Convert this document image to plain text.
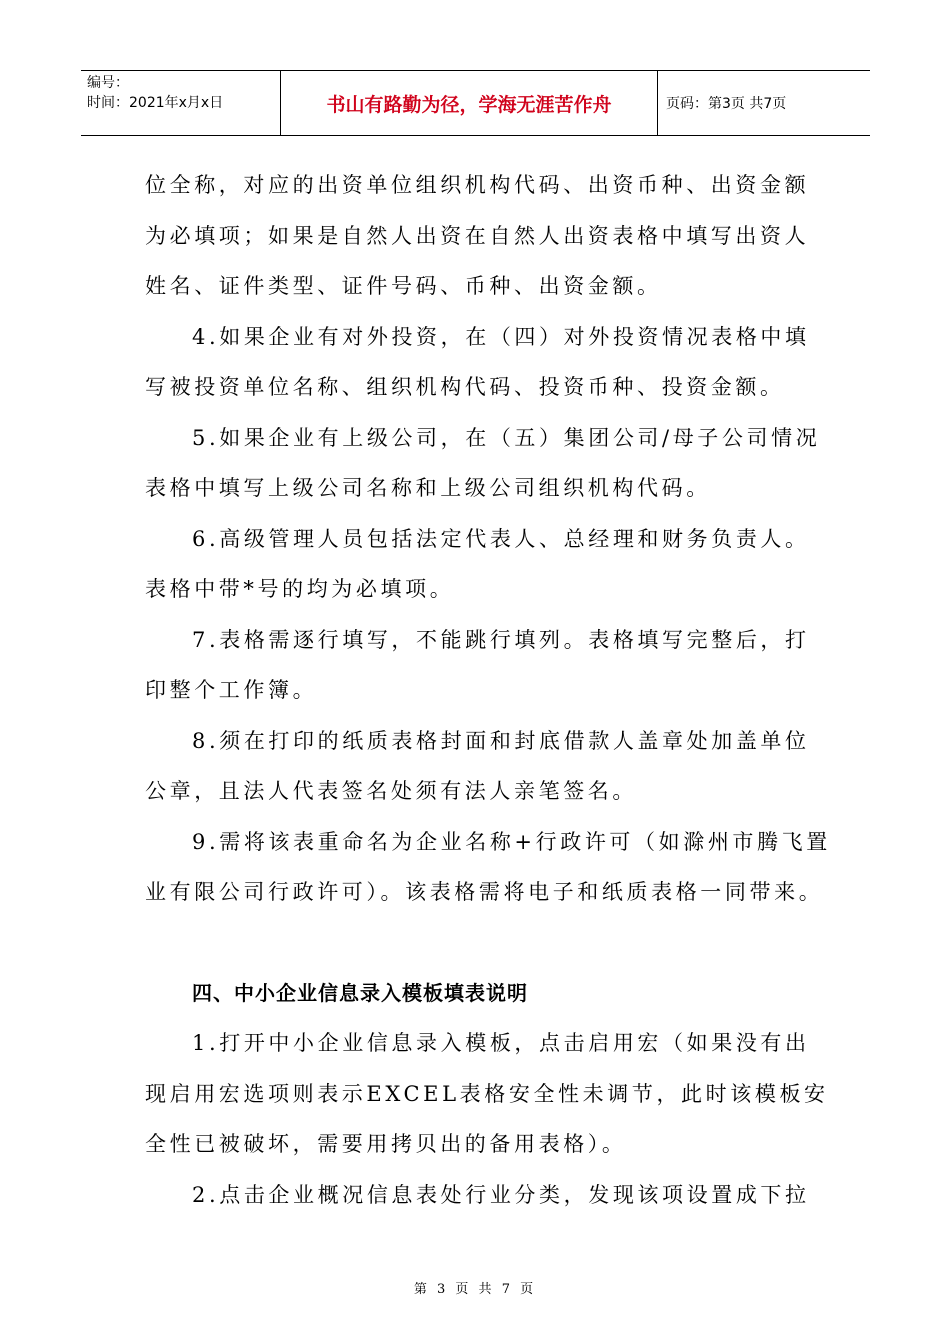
编号：
时间：2021年x月x日	书山有路勤为径，学海无涯苦作舟	页码：第3页 共7页
位全称，对应的出资单位组织机构代码、出资币种、出资金额
为必填项；如果是自然人出资在自然人出资表格中填写出资人
姓名、证件类型、证件号码、币种、出资金额。
4.如果企业有对外投资，在（四）对外投资情况表格中填
写被投资单位名称、组织机构代码、投资币种、投资金额。
5.如果企业有上级公司，在（五）集团公司/母子公司情况
表格中填写上级公司名称和上级公司组织机构代码。
6.高级管理人员包括法定代表人、总经理和财务负责人。
表格中带*号的均为必填项。
7.表格需逐行填写，不能跳行填列。表格填写完整后，打
印整个工作簿。
8.须在打印的纸质表格封面和封底借款人盖章处加盖单位
公章，且法人代表签名处须有法人亲笔签名。
9.需将该表重命名为企业名称+行政许可（如滁州市腾飞置
业有限公司行政许可）。该表格需将电子和纸质表格一同带来。
四、中小企业信息录入模板填表说明
1.打开中小企业信息录入模板，点击启用宏（如果没有出
现启用宏选项则表示EXCEL表格安全性未调节，此时该模板安
全性已被破坏，需要用拷贝出的备用表格）。
2.点击企业概况信息表处行业分类，发现该项设置成下拉
第 3 页 共 7 页
